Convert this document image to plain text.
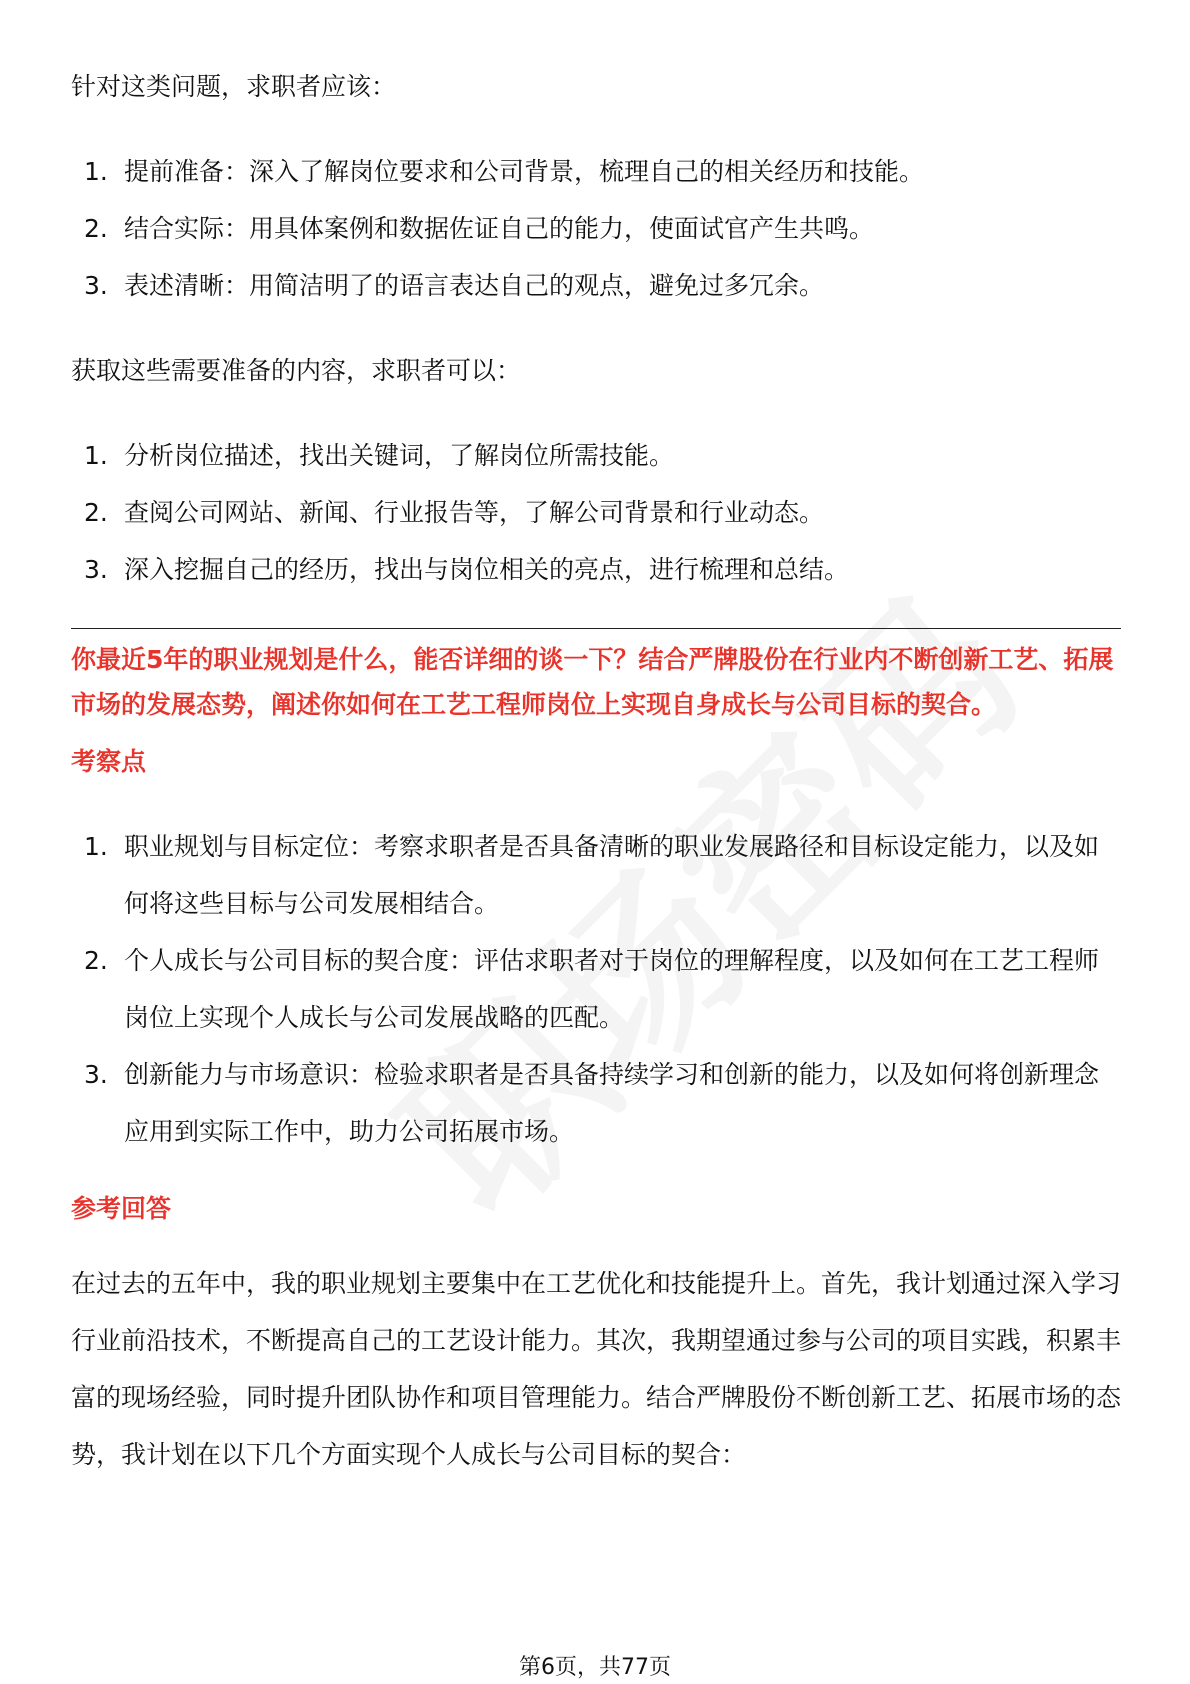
针对这类问题，求职者应该：

1. 提前准备：深入了解岗位要求和公司背景，梳理自己的相关经历和技能。
2. 结合实际：用具体案例和数据佐证自己的能力，使面试官产生共鸣。
3. 表述清晰：用简洁明了的语言表达自己的观点，避免过多冗余。

获取这些需要准备的内容，求职者可以：

1. 分析岗位描述，找出关键词，了解岗位所需技能。
2. 查阅公司网站、新闻、行业报告等，了解公司背景和行业动态。
3. 深入挖掘自己的经历，找出与岗位相关的亮点，进行梳理和总结。

你最近5年的职业规划是什么，能否详细的谈一下？结合严牌股份在行业内不断创新工艺、拓展市场的发展态势，阐述你如何在工艺工程师岗位上实现自身成长与公司目标的契合。

考察点

1. 职业规划与目标定位：考察求职者是否具备清晰的职业发展路径和目标设定能力，以及如何将这些目标与公司发展相结合。
2. 个人成长与公司目标的契合度：评估求职者对于岗位的理解程度，以及如何在工艺工程师岗位上实现个人成长与公司发展战略的匹配。
3. 创新能力与市场意识：检验求职者是否具备持续学习和创新的能力，以及如何将创新理念应用到实际工作中，助力公司拓展市场。

参考回答

在过去的五年中，我的职业规划主要集中在工艺优化和技能提升上。首先，我计划通过深入学习行业前沿技术，不断提高自己的工艺设计能力。其次，我期望通过参与公司的项目实践，积累丰富的现场经验，同时提升团队协作和项目管理能力。结合严牌股份不断创新工艺、拓展市场的态势，我计划在以下几个方面实现个人成长与公司目标的契合：

第6页，共77页
